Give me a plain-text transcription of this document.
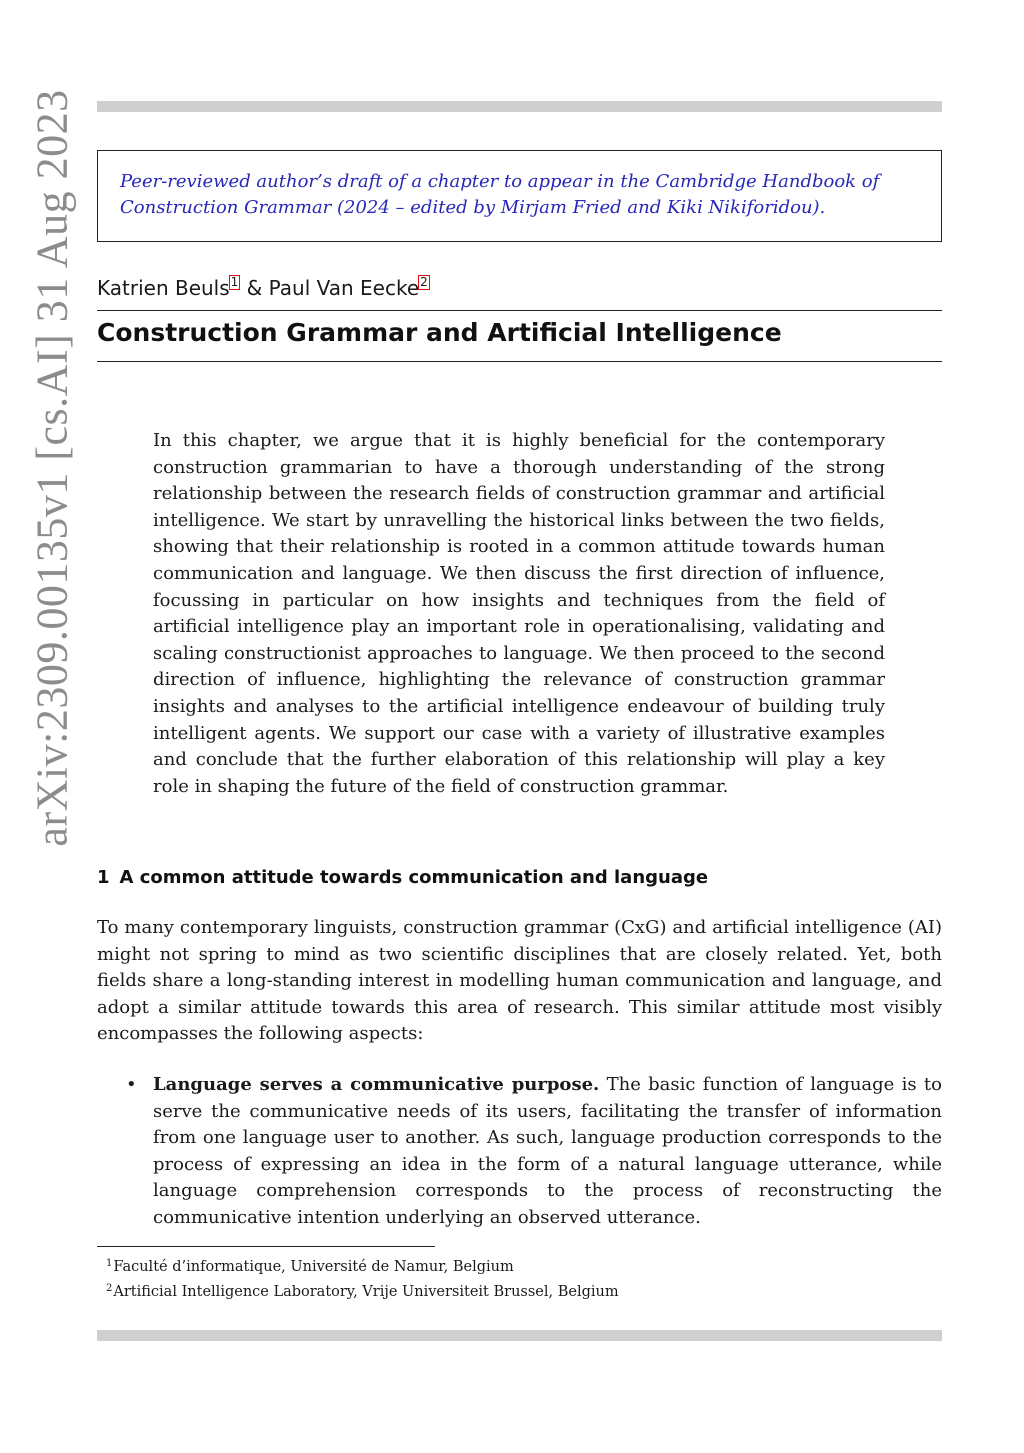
arXiv:2309.00135v1 [cs.AI] 31 Aug 2023	Peer-reviewed author’s draft of a chapter to appear in the Cambridge Handbook of Construction Grammar (2024 – edited by Mirjam Fried and Kiki Nikiforidou).
Katrien Beuls1 & Paul Van Eecke2
Construction Grammar and Artificial Intelligence

In this chapter, we argue that it is highly beneficial for the contemporary construction grammarian to have a thorough understanding of the strong relationship between the research fields of construction grammar and artificial intelligence. We start by unravelling the historical links between the two fields, showing that their relationship is rooted in a common attitude towards human communication and language. We then discuss the first direction of influence, focussing in particular on how insights and techniques from the field of artificial intelligence play an important role in operationalising, validating and scaling constructionist approaches to language. We then proceed to the second direction of influence, highlighting the relevance of construction grammar insights and analyses to the artificial intelligence endeavour of building truly intelligent agents. We support our case with a variety of illustrative examples and conclude that the further elaboration of this relationship will play a key role in shaping the future of the field of construction grammar.

1 A common attitude towards communication and language

To many contemporary linguists, construction grammar (CxG) and artificial intelligence (AI) might not spring to mind as two scientific disciplines that are closely related. Yet, both fields share a long-standing interest in modelling human communication and language, and adopt a similar attitude towards this area of research. This similar attitude most visibly encompasses the following aspects:

• Language serves a communicative purpose. The basic function of language is to serve the communicative needs of its users, facilitating the transfer of information from one language user to another. As such, language production corresponds to the process of expressing an idea in the form of a natural language utterance, while language comprehension corresponds to the process of reconstructing the communicative intention underlying an observed utterance.
$^1$Faculté d’informatique, Université de Namur, Belgium
$^2$Artificial Intelligence Laboratory, Vrije Universiteit Brussel, Belgium
